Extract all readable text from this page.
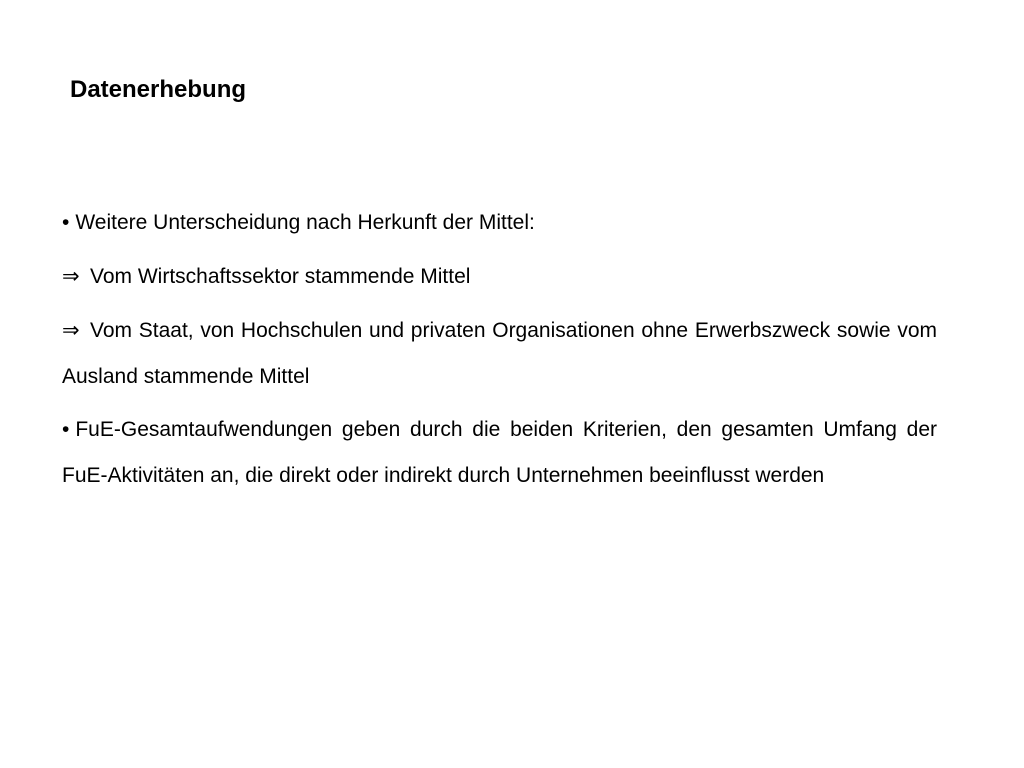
Datenerhebung

• Weitere Unterscheidung nach Herkunft der Mittel:

⇒ Vom Wirtschaftssektor stammende Mittel

⇒ Vom Staat, von Hochschulen und privaten Organisationen ohne Erwerbszweck sowie vom Ausland stammende Mittel

• FuE-Gesamtaufwendungen geben durch die beiden Kriterien, den gesamten Umfang der FuE-Aktivitäten an, die direkt oder indirekt durch Unternehmen beeinflusst werden
